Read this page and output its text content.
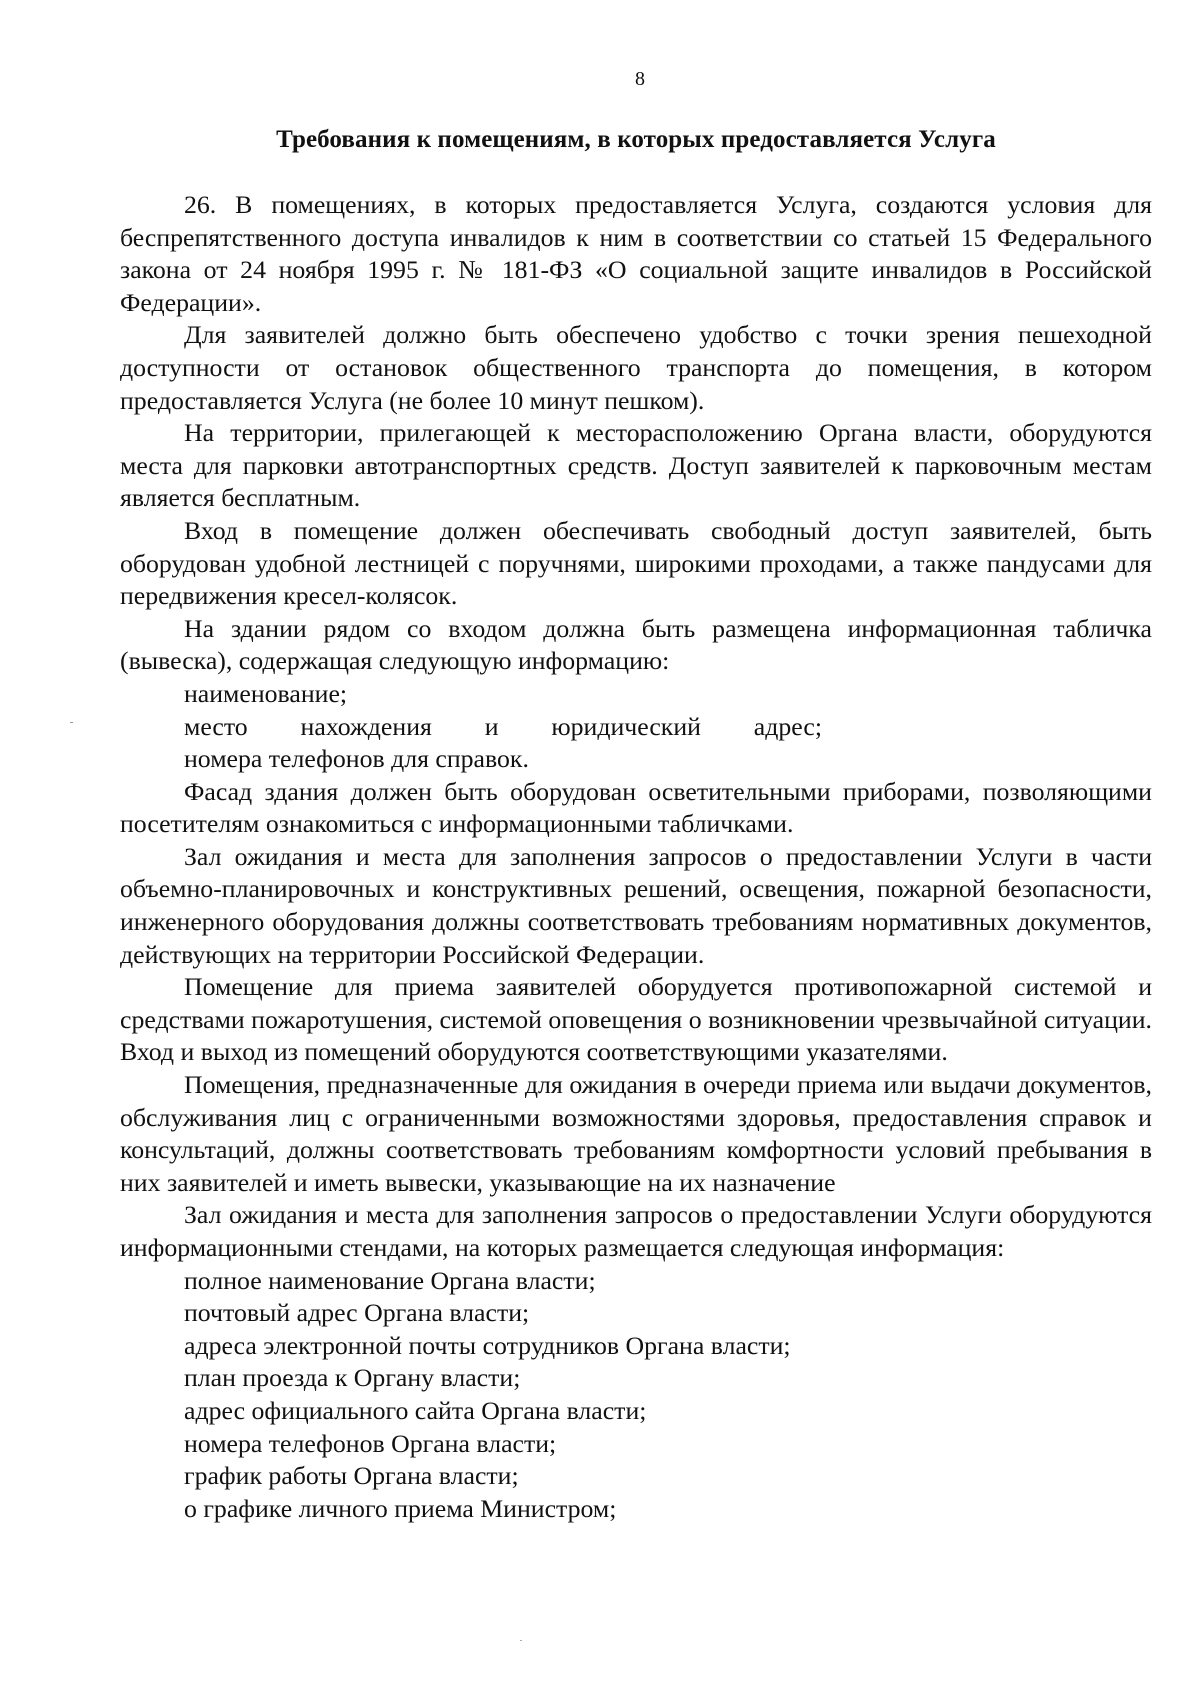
8
Требования к помещениям, в которых предоставляется Услуга

26. В помещениях, в которых предоставляется Услуга, создаются условия для беспрепятственного доступа инвалидов к ним в соответствии со статьей 15 Федерального закона от 24 ноября 1995 г. № 181-ФЗ «О социальной защите инвалидов в Российской Федерации».

Для заявителей должно быть обеспечено удобство с точки зрения пешеходной доступности от остановок общественного транспорта до помещения, в котором предоставляется Услуга (не более 10 минут пешком).

На территории, прилегающей к месторасположению Органа власти, оборудуются места для парковки автотранспортных средств. Доступ заявителей к парковочным местам является бесплатным.

Вход в помещение должен обеспечивать свободный доступ заявителей, быть оборудован удобной лестницей с поручнями, широкими проходами, а также пандусами для передвижения кресел-колясок.

На здании рядом со входом должна быть размещена информационная табличка (вывеска), содержащая следующую информацию:

наименование;

место нахождения и юридический адрес;

номера телефонов для справок.

Фасад здания должен быть оборудован осветительными приборами, позволяющими посетителям ознакомиться с информационными табличками.

Зал ожидания и места для заполнения запросов о предоставлении Услуги в части объемно-планировочных и конструктивных решений, освещения, пожарной безопасности, инженерного оборудования должны соответствовать требованиям нормативных документов, действующих на территории Российской Федерации.

Помещение для приема заявителей оборудуется противопожарной системой и средствами пожаротушения, системой оповещения о возникновении чрезвычайной ситуации. Вход и выход из помещений оборудуются соответствующими указателями.

Помещения, предназначенные для ожидания в очереди приема или выдачи документов, обслуживания лиц с ограниченными возможностями здоровья, предоставления справок и консультаций, должны соответствовать требованиям комфортности условий пребывания в них заявителей и иметь вывески, указывающие на их назначение

Зал ожидания и места для заполнения запросов о предоставлении Услуги оборудуются информационными стендами, на которых размещается следующая информация:

полное наименование Органа власти;

почтовый адрес Органа власти;

адреса электронной почты сотрудников Органа власти;

план проезда к Органу власти;

адрес официального сайта Органа власти;

номера телефонов Органа власти;

график работы Органа власти;

о графике личного приема Министром;
